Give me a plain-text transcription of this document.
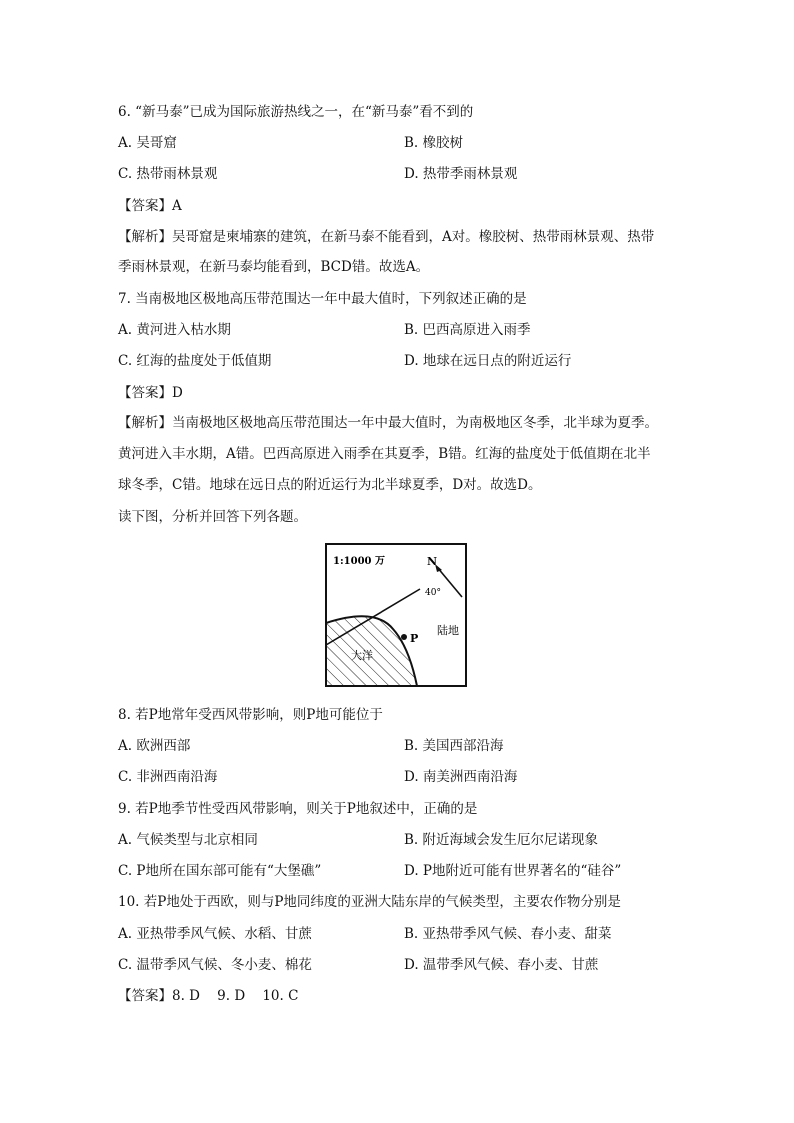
6. “新马泰”已成为国际旅游热线之一，在“新马泰”看不到的
A. 吴哥窟	B. 橡胶树
C. 热带雨林景观	D. 热带季雨林景观
【答案】A
【解析】吴哥窟是柬埔寨的建筑，在新马泰不能看到，A对。橡胶树、热带雨林景观、热带
季雨林景观，在新马泰均能看到，BCD错。故选A。
7. 当南极地区极地高压带范围达一年中最大值时，下列叙述正确的是
A. 黄河进入枯水期	B. 巴西高原进入雨季
C. 红海的盐度处于低值期	D. 地球在远日点的附近运行
【答案】D
【解析】当南极地区极地高压带范围达一年中最大值时，为南极地区冬季，北半球为夏季。
黄河进入丰水期，A错。巴西高原进入雨季在其夏季，B错。红海的盐度处于低值期在北半
球冬季，C错。地球在远日点的附近运行为北半球夏季，D对。故选D。
读下图，分析并回答下列各题。
1:1000 万	N
40°
陆地
大洋
P
8. 若P地常年受西风带影响，则P地可能位于
A. 欧洲西部	B. 美国西部沿海
C. 非洲西南沿海	D. 南美洲西南沿海
9. 若P地季节性受西风带影响，则关于P地叙述中，正确的是
A. 气候类型与北京相同	B. 附近海域会发生厄尔尼诺现象
C. P地所在国东部可能有“大堡礁”	D. P地附近可能有世界著名的“硅谷”
10. 若P地处于西欧，则与P地同纬度的亚洲大陆东岸的气候类型，主要农作物分别是
A. 亚热带季风气候、水稻、甘蔗	B. 亚热带季风气候、春小麦、甜菜
C. 温带季风气候、冬小麦、棉花	D. 温带季风气候、春小麦、甘蔗
【答案】8. D    9. D    10. C
